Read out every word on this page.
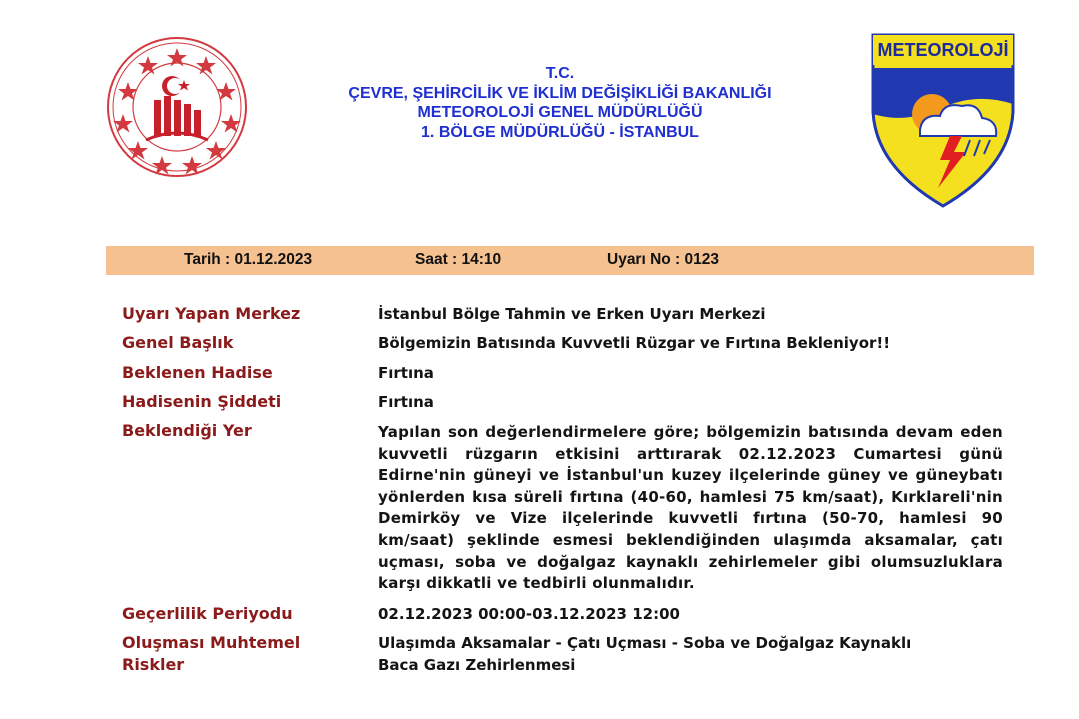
T.C.
ÇEVRE, ŞEHİRCİLİK VE İKLİM DEĞİŞİKLİĞİ BAKANLIĞI
METEOROLOJİ GENEL MÜDÜRLÜĞÜ
1. BÖLGE MÜDÜRLÜĞÜ - İSTANBUL
METEOROLOJİ
Tarih : 01.12.2023	Saat : 14:10	Uyarı No : 0123
Uyarı Yapan Merkez
Genel Başlık
Beklenen Hadise
Hadisenin Şiddeti
Beklendiği Yer
Geçerlilik Periyodu
Oluşması Muhtemel
Riskler
İstanbul Bölge Tahmin ve Erken Uyarı Merkezi
Bölgemizin Batısında Kuvvetli Rüzgar ve Fırtına Bekleniyor!!
Fırtına
Fırtına
Yapılan son değerlendirmelere göre; bölgemizin batısında devam eden kuvvetli rüzgarın etkisini arttırarak 02.12.2023 Cumartesi günü Edirne'nin güneyi ve İstanbul'un kuzey ilçelerinde güney ve güneybatı yönlerden kısa süreli fırtına (40-60, hamlesi 75 km/saat), Kırklareli'nin Demirköy ve Vize ilçelerinde kuvvetli fırtına (50-70, hamlesi 90 km/saat) şeklinde esmesi beklendiğinden ulaşımda aksamalar, çatı uçması, soba ve doğalgaz kaynaklı zehirlemeler gibi olumsuzluklara karşı dikkatli ve tedbirli olunmalıdır.
02.12.2023 00:00-03.12.2023 12:00
Ulaşımda Aksamalar - Çatı Uçması - Soba ve Doğalgaz Kaynaklı
Baca Gazı Zehirlenmesi
